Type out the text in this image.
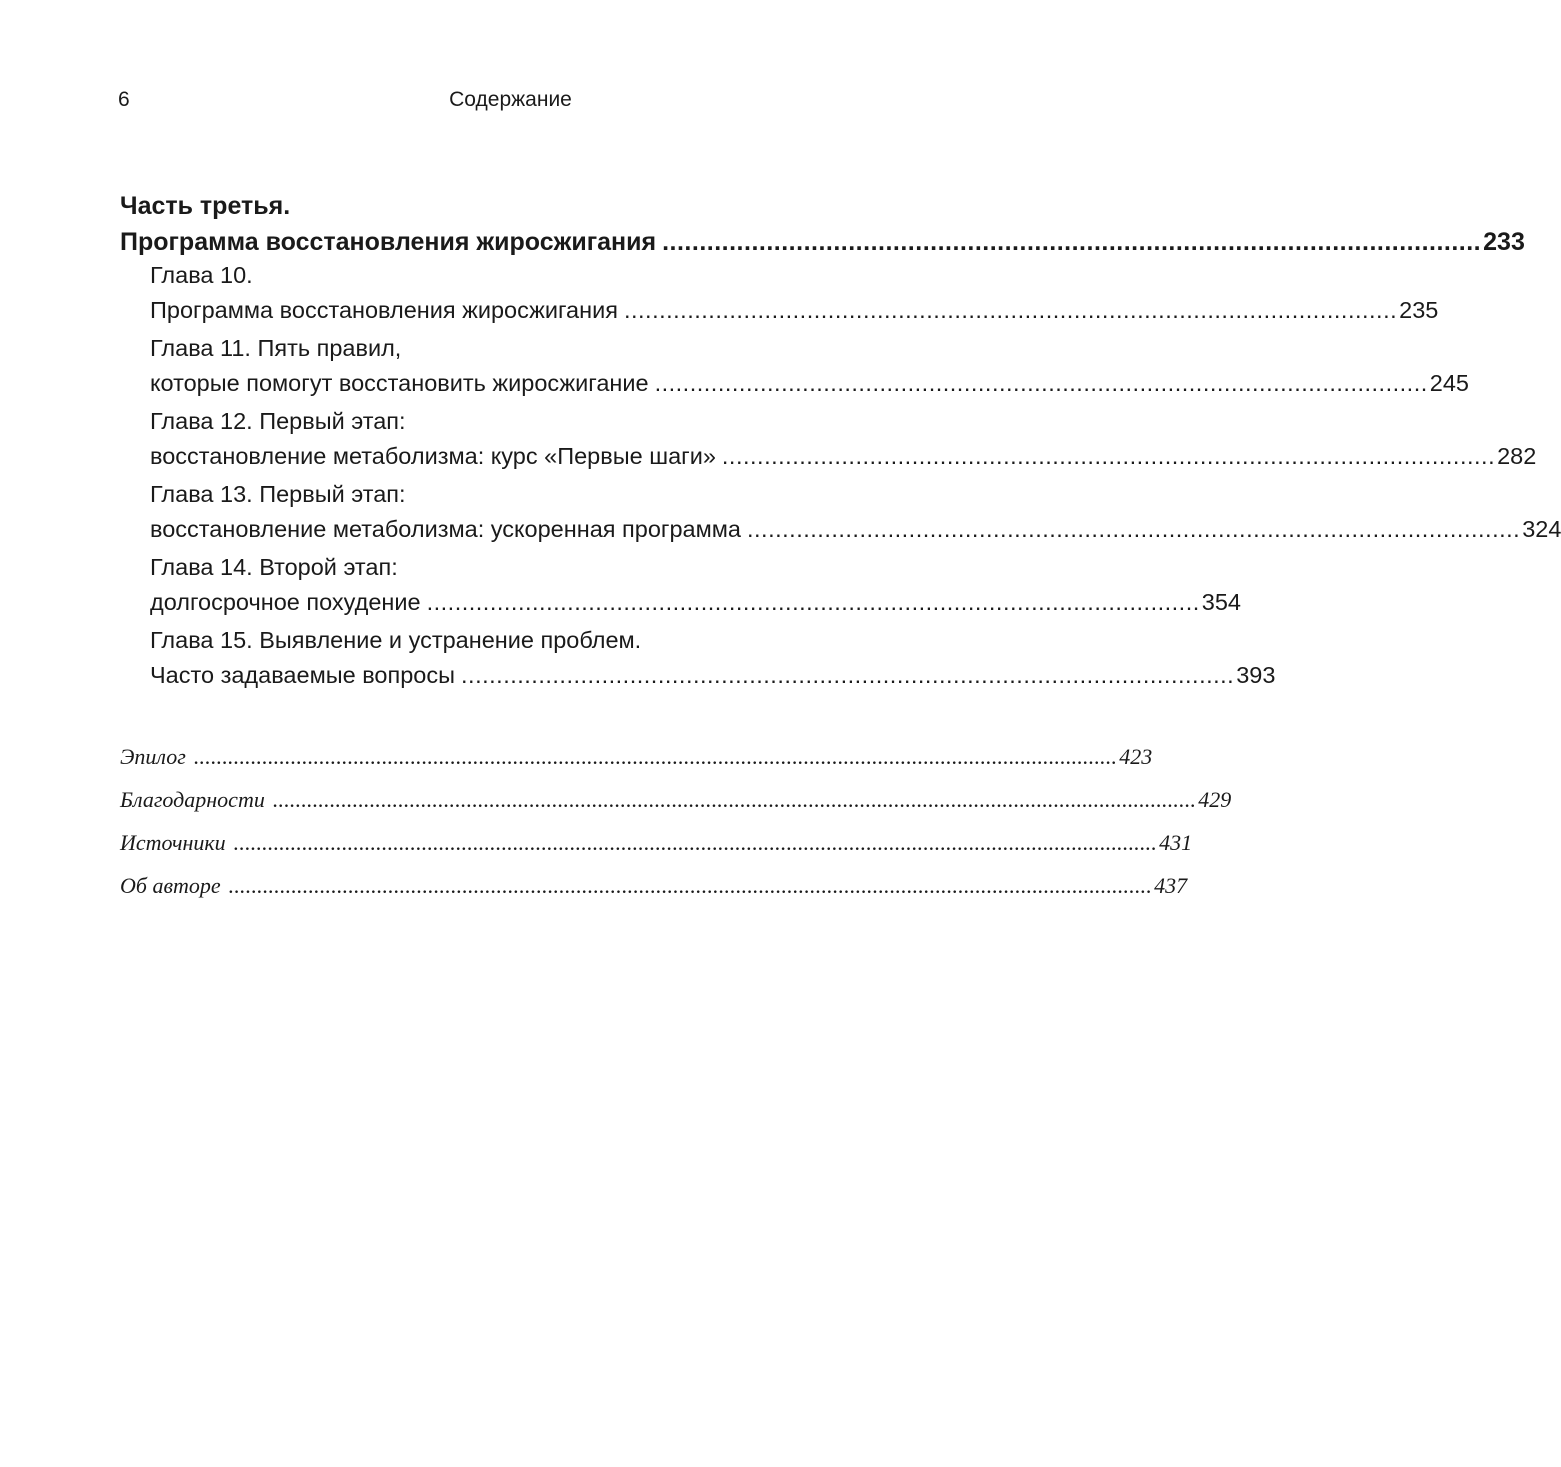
6	Содержание
Часть третья.
Программа восстановления жиросжигания .............................................................................................................. 233
Глава 10.
Программа восстановления жиросжигания .............................................................................................................. 235
Глава 11. Пять правил,
которые помогут восстановить жиросжигание .............................................................................................................. 245
Глава 12. Первый этап:
восстановление метаболизма: курс «Первые шаги» .............................................................................................................. 282
Глава 13. Первый этап:
восстановление метаболизма: ускоренная программа .............................................................................................................. 324
Глава 14. Второй этап:
долгосрочное похудение .............................................................................................................. 354
Глава 15. Выявление и устранение проблем.
Часто задаваемые вопросы .............................................................................................................. 393
Эпилог .................................................................................................................................................................. 423
Благодарности .................................................................................................................................................................. 429
Источники .................................................................................................................................................................. 431
Об авторе .................................................................................................................................................................. 437
